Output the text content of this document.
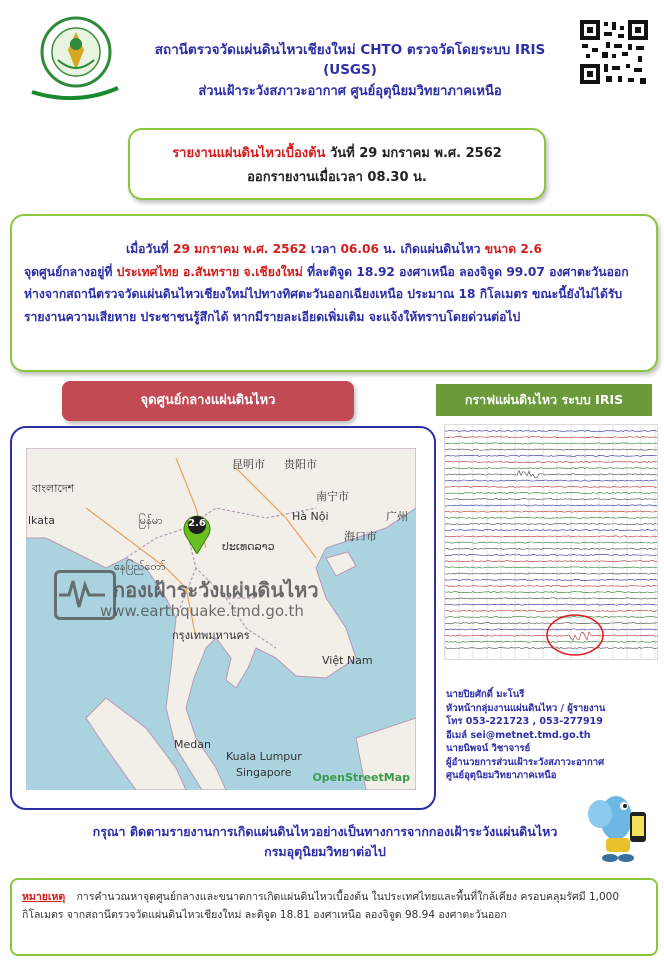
สถานีตรวจวัดแผ่นดินไหวเชียงใหม่ CHTO ตรวจวัดโดยระบบ IRIS
(USGS)
ส่วนเฝ้าระวังสภาวะอากาศ ศูนย์อุตุนิยมวิทยาภาคเหนือ
รายงานแผ่นดินไหวเบื้องต้น วันที่ 29 มกราคม พ.ศ. 2562
ออกรายงานเมื่อเวลา 08.30 น.
เมื่อวันที่ 29 มกราคม พ.ศ. 2562 เวลา 06.06 น. เกิดแผ่นดินไหว ขนาด 2.6
จุดศูนย์กลางอยู่ที่ ประเทศไทย อ.สันทราย จ.เชียงใหม่ ที่ละติจูด 18.92 องศาเหนือ ลองจิจูด 99.07 องศาตะวันออก ห่างจากสถานีตรวจวัดแผ่นดินไหวเชียงใหม่ไปทางทิศตะวันออกเฉียงเหนือ ประมาณ 18 กิโลเมตร ขณะนี้ยังไม่ได้รับรายงานความเสียหาย ประชาชนรู้สึกได้ หากมีรายละเอียดเพิ่มเติม จะแจ้งให้ทราบโดยด่วนต่อไป
จุดศูนย์กลางแผ่นดินไหว
昆明市 贵阳市
বাংলাদেশ
南宁市
lkata	မြန်မာ	Hà Nội	广州
海口市
ປະເທດລາວ
နေပြည်တော်
กรุงเทพมหานคร
Việt Nam
Medan
Kuala Lumpur
Singapore
2.6
กองเฝ้าระวังแผ่นดินไหว
www.earthquake.tmd.go.th
OpenStreetMap
กราฟแผ่นดินไหว ระบบ IRIS
นายปิยศักดิ์ มะโนรี
หัวหน้ากลุ่มงานแผ่นดินไหว / ผู้รายงาน
โทร 053-221723 , 053-277919
อีเมล์ sei@metnet.tmd.go.th
นายนิพจน์ วิชาจารย์
ผู้อำนวยการส่วนเฝ้าระวังสภาวะอากาศ
ศูนย์อุตุนิยมวิทยาภาคเหนือ
กรุณา ติดตามรายงานการเกิดแผ่นดินไหวอย่างเป็นทางการจากกองเฝ้าระวังแผ่นดินไหว
กรมอุตุนิยมวิทยาต่อไป
หมายเหตุ การคำนวณหาจุดศูนย์กลางและขนาดการเกิดแผ่นดินไหวเบื้องต้น ในประเทศไทยและพื้นที่ใกล้เคียง ครอบคลุมรัศมี 1,000 กิโลเมตร จากสถานีตรวจวัดแผ่นดินไหวเชียงใหม่ ละติจูด 18.81 องศาเหนือ ลองจิจูด 98.94 องศาตะวันออก
